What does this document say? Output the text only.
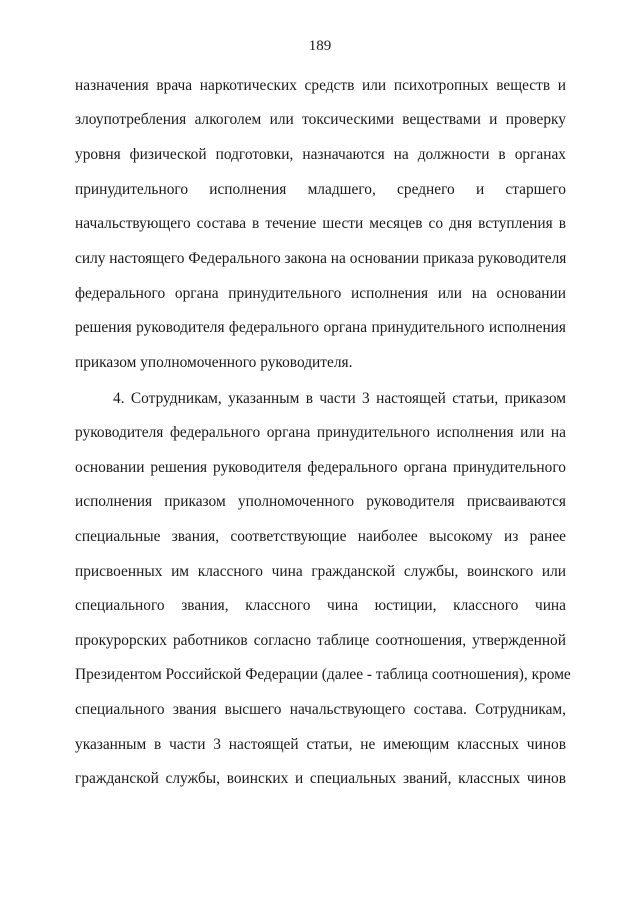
189
назначения врача наркотических средств или психотропных веществ и
злоупотребления алкоголем или токсическими веществами и проверку
уровня физической подготовки, назначаются на должности в органах
принудительного исполнения младшего, среднего и старшего
начальствующего состава в течение шести месяцев со дня вступления в
силу настоящего Федерального закона на основании приказа руководителя
федерального органа принудительного исполнения или на основании
решения руководителя федерального органа принудительного исполнения
приказом уполномоченного руководителя.
4. Сотрудникам, указанным в части 3 настоящей статьи, приказом
руководителя федерального органа принудительного исполнения или на
основании решения руководителя федерального органа принудительного
исполнения приказом уполномоченного руководителя присваиваются
специальные звания, соответствующие наиболее высокому из ранее
присвоенных им классного чина гражданской службы, воинского или
специального звания, классного чина юстиции, классного чина
прокурорских работников согласно таблице соотношения, утвержденной
Президентом Российской Федерации (далее - таблица соотношения), кроме
специального звания высшего начальствующего состава. Сотрудникам,
указанным в части 3 настоящей статьи, не имеющим классных чинов
гражданской службы, воинских и специальных званий, классных чинов
